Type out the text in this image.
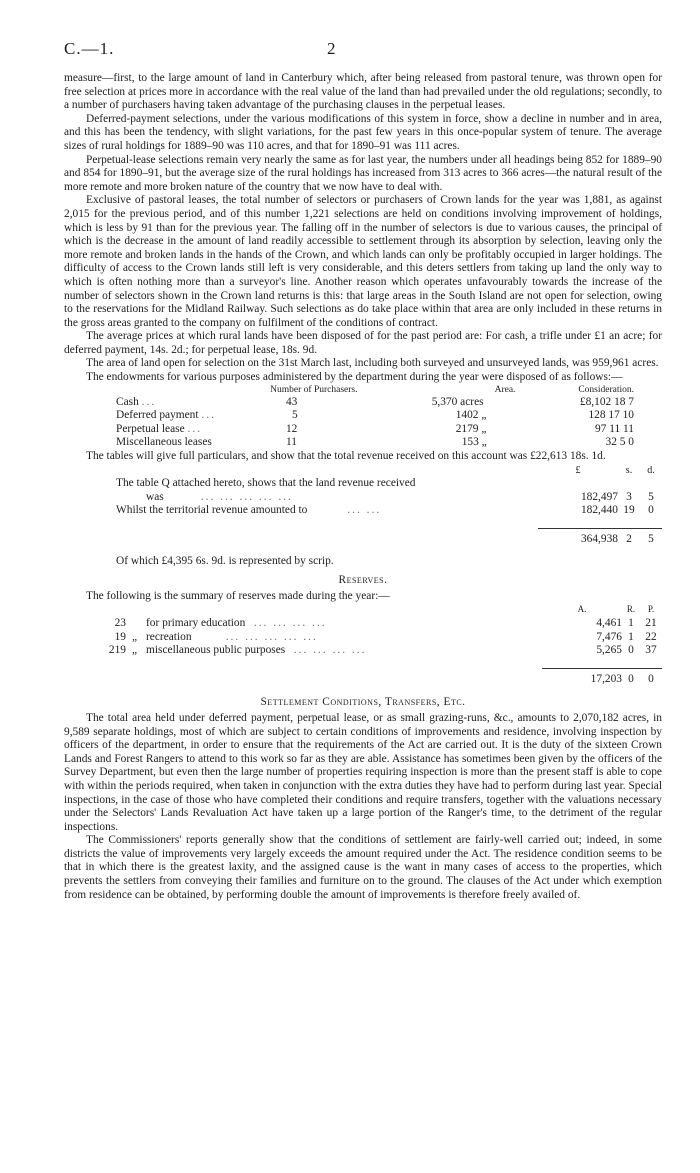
C.—1.	2

measure—first, to the large amount of land in Canterbury which, after being released from pastoral tenure, was thrown open for free selection at prices more in accordance with the real value of the land than had prevailed under the old regulations; secondly, to a number of purchasers having taken advantage of the purchasing clauses in the perpetual leases.

Deferred-payment selections, under the various modifications of this system in force, show a decline in number and in area, and this has been the tendency, with slight variations, for the past few years in this once-popular system of tenure. The average sizes of rural holdings for 1889–90 was 110 acres, and that for 1890–91 was 111 acres.

Perpetual-lease selections remain very nearly the same as for last year, the numbers under all headings being 852 for 1889–90 and 854 for 1890–91, but the average size of the rural holdings has increased from 313 acres to 366 acres—the natural result of the more remote and more broken nature of the country that we now have to deal with.

Exclusive of pastoral leases, the total number of selectors or purchasers of Crown lands for the year was 1,881, as against 2,015 for the previous period, and of this number 1,221 selections are held on conditions involving improvement of holdings, which is less by 91 than for the previous year. The falling off in the number of selectors is due to various causes, the principal of which is the decrease in the amount of land readily accessible to settlement through its absorption by selection, leaving only the more remote and broken lands in the hands of the Crown, and which lands can only be profitably occupied in larger holdings. The difficulty of access to the Crown lands still left is very considerable, and this deters settlers from taking up land the only way to which is often nothing more than a surveyor's line. Another reason which operates unfavourably towards the increase of the number of selectors shown in the Crown land returns is this: that large areas in the South Island are not open for selection, owing to the reservations for the Midland Railway. Such selections as do take place within that area are only included in these returns in the gross areas granted to the company on fulfilment of the conditions of contract.

The average prices at which rural lands have been disposed of for the past period are: For cash, a trifle under £1 an acre; for deferred payment, 14s. 2d.; for perpetual lease, 18s. 9d.

The area of land open for selection on the 31st March last, including both surveyed and unsurveyed lands, was 959,961 acres.

The endowments for various purposes administered by the department during the year were disposed of as follows:—

	Number of Purchasers.	Area.	Consideration.
Cash ...	43	5,370 acres	£8,102 18 7
Deferred payment ...	5	1402 „	128 17 10
Perpetual lease ...	12	2179 „	97 11 11
Miscellaneous leases	11	153 „	32 5 0

The tables will give full particulars, and show that the total revenue received on this account was £22,613 18s. 1d.

	£	s.	d.
The table Q attached hereto, shows that the land revenue received			
was ... ... ... ... ...	182,497	3	5
Whilst the territorial revenue amounted to ... ...	182,440	19	0

	364,938	2	5

Of which £4,395 6s. 9d. is represented by scrip.

Reserves.

The following is the summary of reserves made during the year:—

			A.	R.	P.
23		for primary education ... ... ... ...	4,461	1	21
19	„	recreation ... ... ... ... ...	7,476	1	22
219	„	miscellaneous public purposes ... ... ... ...	5,265	0	37

			17,203	0	0
Settlement Conditions, Transfers, Etc.

The total area held under deferred payment, perpetual lease, or as small grazing-runs, &c., amounts to 2,070,182 acres, in 9,589 separate holdings, most of which are subject to certain conditions of improvements and residence, involving inspection by officers of the department, in order to ensure that the requirements of the Act are carried out. It is the duty of the sixteen Crown Lands and Forest Rangers to attend to this work so far as they are able. Assistance has sometimes been given by the officers of the Survey Department, but even then the large number of properties requiring inspection is more than the present staff is able to cope with within the periods required, when taken in conjunction with the extra duties they have had to perform during last year. Special inspections, in the case of those who have completed their conditions and require transfers, together with the valuations necessary under the Selectors' Lands Revaluation Act have taken up a large portion of the Ranger's time, to the detriment of the regular inspections.

The Commissioners' reports generally show that the conditions of settlement are fairly-well carried out; indeed, in some districts the value of improvements very largely exceeds the amount required under the Act. The residence condition seems to be that in which there is the greatest laxity, and the assigned cause is the want in many cases of access to the properties, which prevents the settlers from conveying their families and furniture on to the ground. The clauses of the Act under which exemption from residence can be obtained, by performing double the amount of improvements is therefore freely availed of.
